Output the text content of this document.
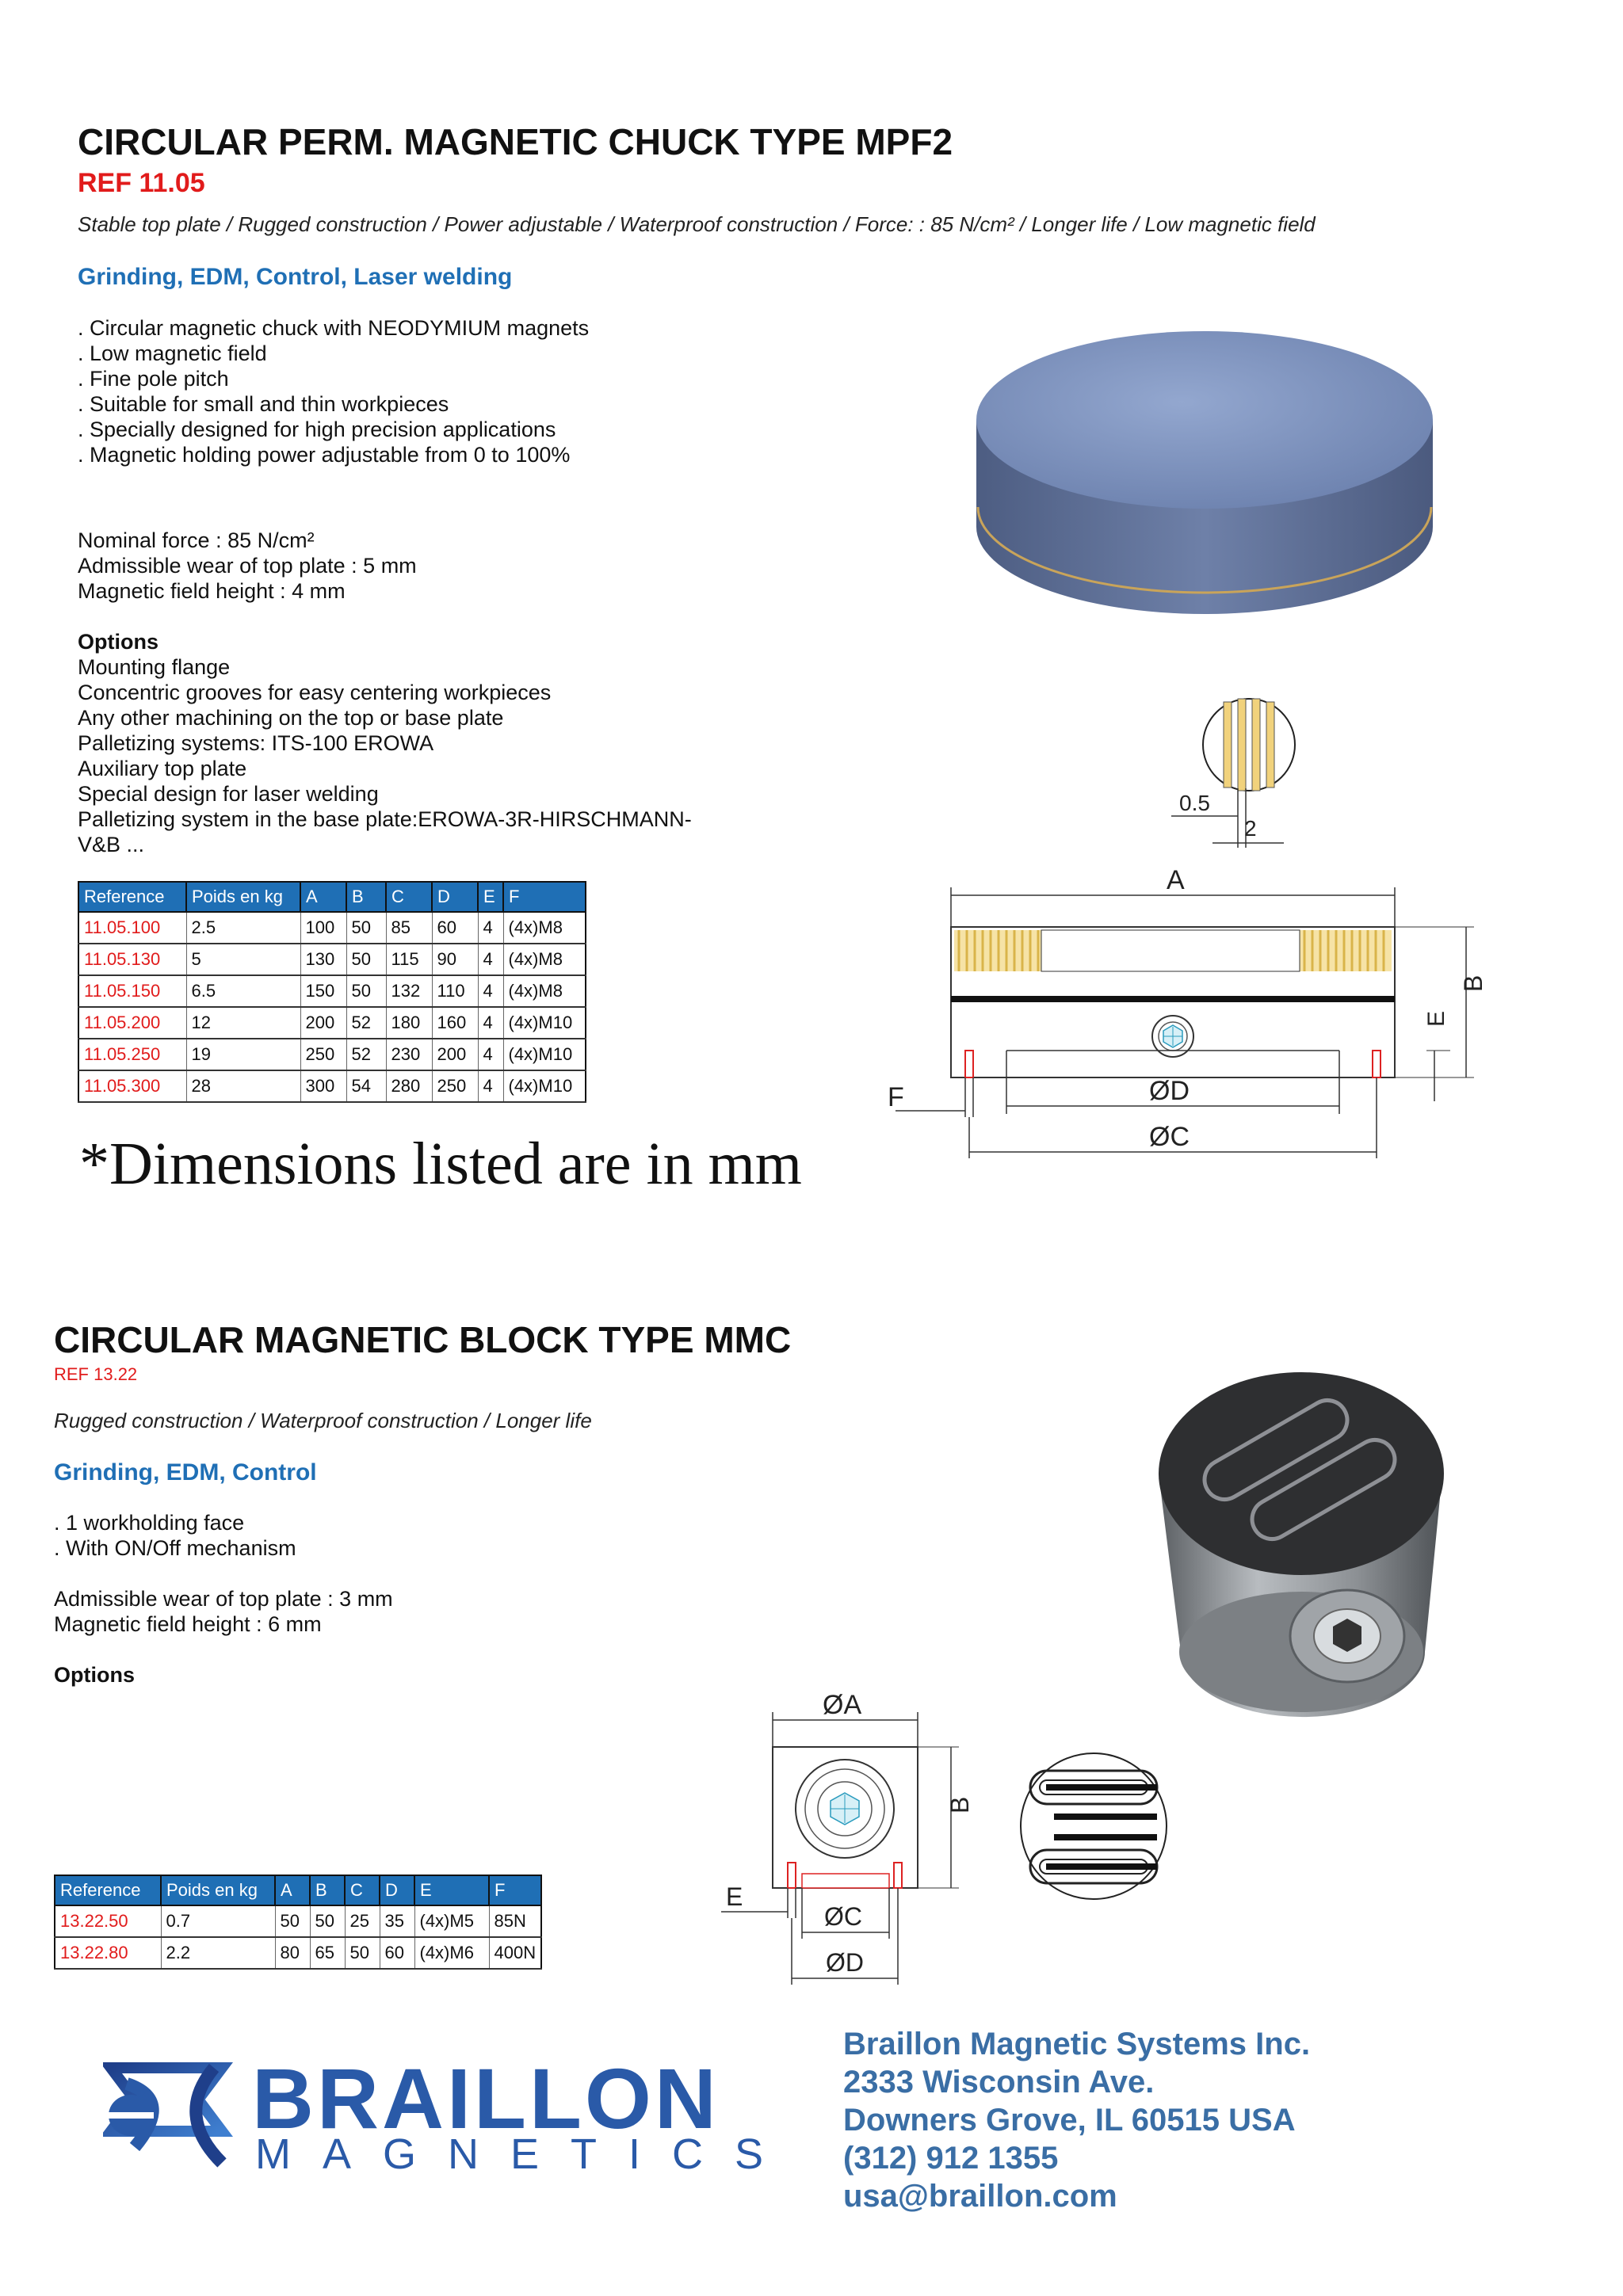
CIRCULAR PERM. MAGNETIC CHUCK TYPE MPF2
REF 11.05
Stable top plate / Rugged construction / Power adjustable / Waterproof construction / Force: : 85 N/cm² / Longer life / Low magnetic field
Grinding, EDM, Control, Laser welding
. Circular magnetic chuck with NEODYMIUM magnets
. Low magnetic field
. Fine pole pitch
. Suitable for small and thin workpieces
. Specially designed for high precision applications
. Magnetic holding power adjustable from 0 to 100%
Nominal force : 85 N/cm²
Admissible wear of top plate : 5 mm
Magnetic field height : 4 mm
Options
Mounting flange
Concentric grooves for easy centering workpieces
Any other machining on the top or base plate
Palletizing systems: ITS-100 EROWA
Auxiliary top plate
Special design for laser welding
Palletizing system in the base plate:EROWA-3R-HIRSCHMANN-
V&B ...
Reference	Poids en kg	A	B	C	D	E	F
11.05.100	2.5	100	50	85	60	4	(4x)M8
11.05.130	5	130	50	115	90	4	(4x)M8
11.05.150	6.5	150	50	132	110	4	(4x)M8
11.05.200	12	200	52	180	160	4	(4x)M10
11.05.250	19	250	52	230	200	4	(4x)M10
11.05.300	28	300	54	280	250	4	(4x)M10
*Dimensions listed are in mm
0.5
2
A
B
E
F	ØD
ØC
CIRCULAR MAGNETIC BLOCK TYPE MMC
REF 13.22
Rugged construction / Waterproof construction / Longer life
Grinding, EDM, Control
. 1 workholding face
. With ON/Off mechanism
Admissible wear of top plate : 3 mm
Magnetic field height : 6 mm
Options
Reference	Poids en kg	A	B	C	D	E	F
13.22.50	0.7	50	50	25	35	(4x)M5	85N
13.22.80	2.2	80	65	50	60	(4x)M6	400N
ØA
B
E
ØC
ØD
BRAILLON
MAGNETICS
Braillon Magnetic Systems Inc.
2333 Wisconsin Ave.
Downers Grove, IL 60515 USA
(312) 912 1355
usa@braillon.com
